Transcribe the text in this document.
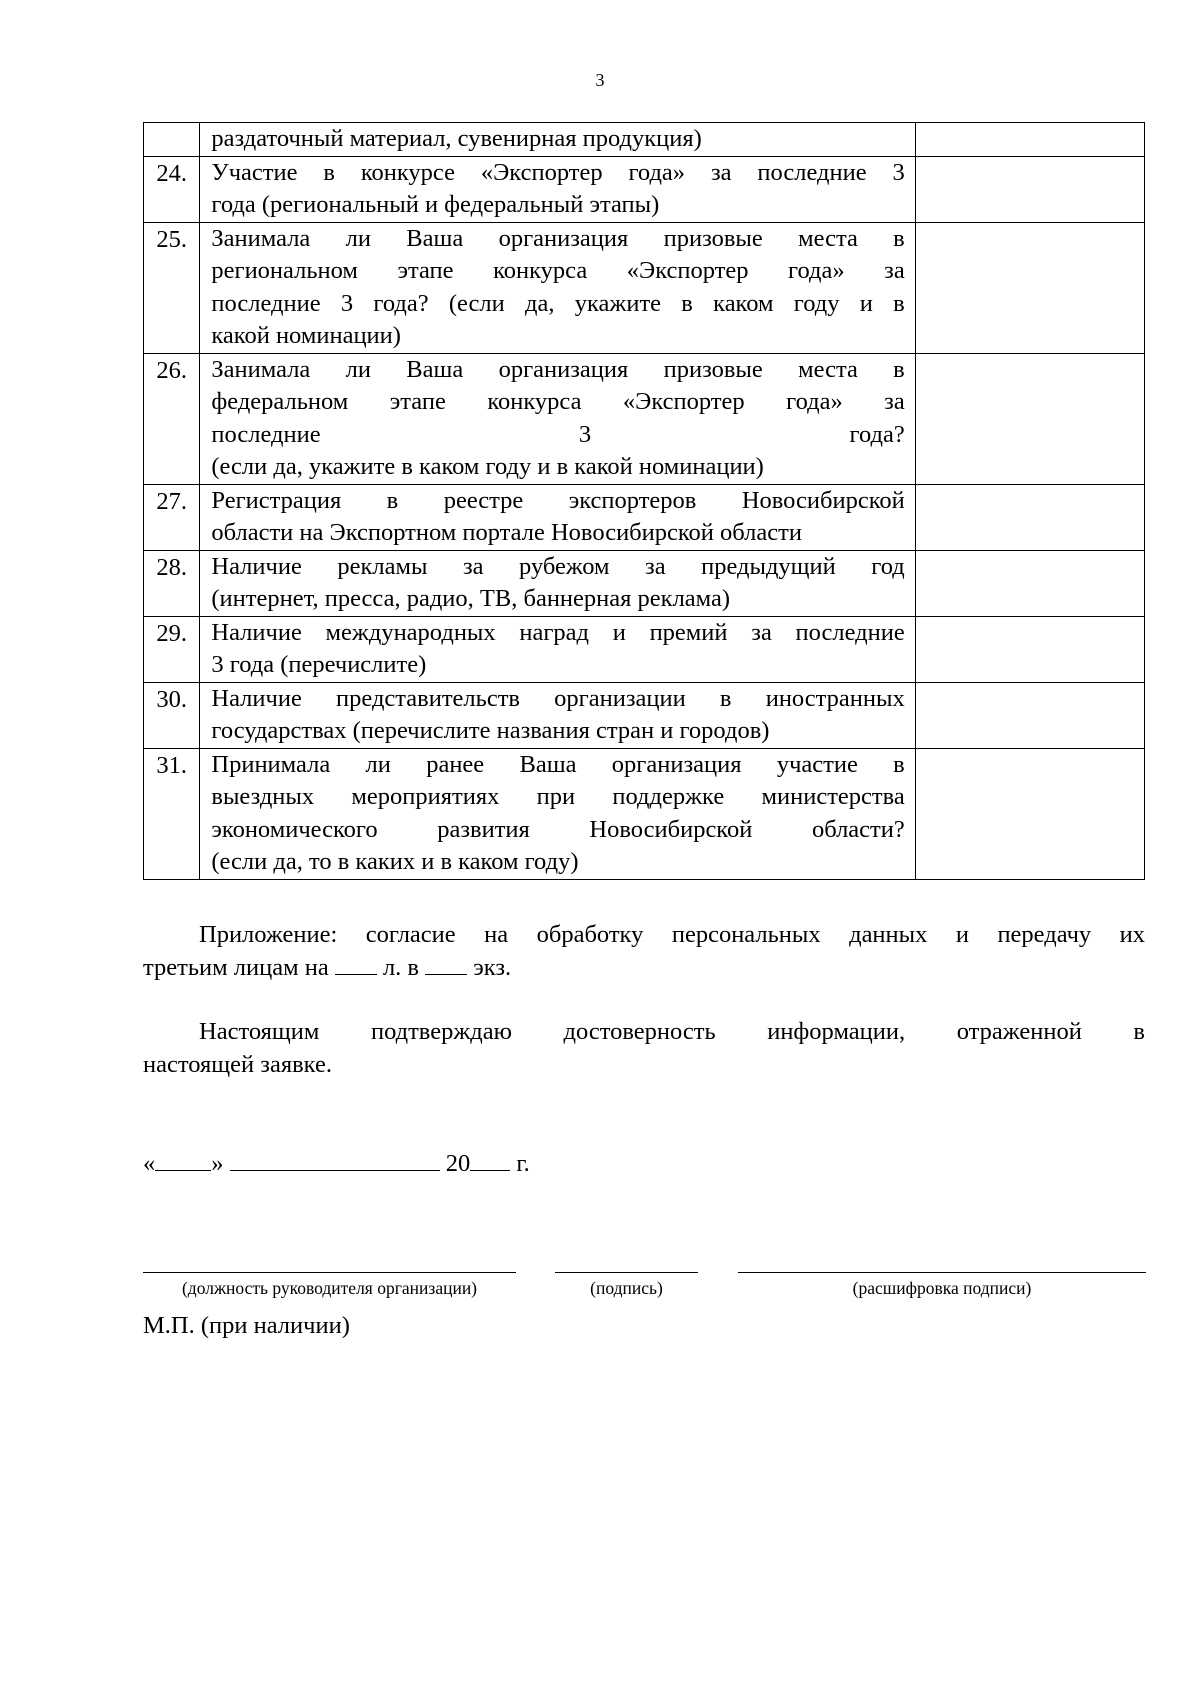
3

	раздаточный материал, сувенирная продукция)	

24.	Участие в конкурсе «Экспортер года» за последние 3
года (региональный и федеральный этапы)	

25.	Занимала ли Ваша организация призовые места в
региональном этапе конкурса «Экспортер года» за
последние 3 года? (если да, укажите в каком году и в
какой номинации)	

26.	Занимала ли Ваша организация призовые места в
федеральном этапе конкурса «Экспортер года» за
последние 3 года?
(если да, укажите в каком году и в какой номинации)	

27.	Регистрация в реестре экспортеров Новосибирской
области на Экспортном портале Новосибирской области	

28.	Наличие рекламы за рубежом за предыдущий год
(интернет, пресса, радио, ТВ, баннерная реклама)	

29.	Наличие международных наград и премий за последние
3 года (перечислите)	

30.	Наличие представительств организации в иностранных
государствах (перечислите названия стран и городов)	

31.	Принимала ли ранее Ваша организация участие в
выездных мероприятиях при поддержке министерства
экономического развития Новосибирской области?
(если да, то в каких и в каком году)	

Приложение: согласие на обработку персональных данных и передачу их
третьим лицам на л. в экз.
Настоящим подтверждаю достоверность информации, отраженной в
настоящей заявке.
« »	20 г.
(должность руководителя организации)	(подпись)	(расшифровка подписи)
М.П. (при наличии)
